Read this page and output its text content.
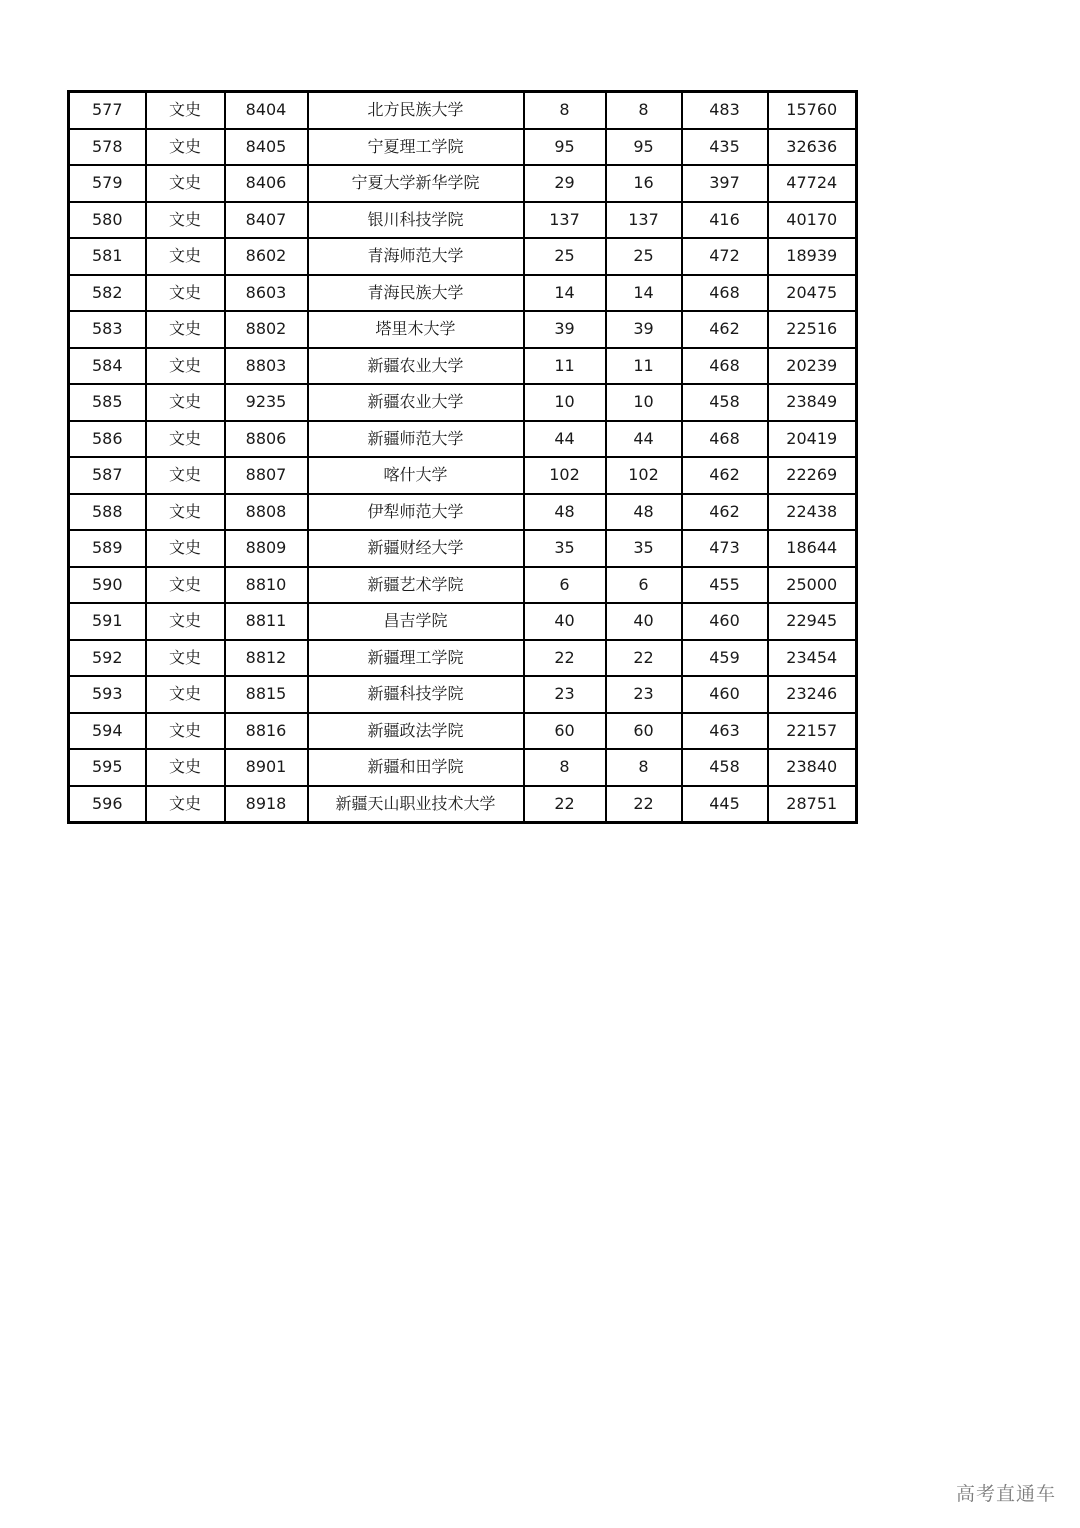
577	文史	8404	北方民族大学	8	8	483	15760
578	文史	8405	宁夏理工学院	95	95	435	32636
579	文史	8406	宁夏大学新华学院	29	16	397	47724
580	文史	8407	银川科技学院	137	137	416	40170
581	文史	8602	青海师范大学	25	25	472	18939
582	文史	8603	青海民族大学	14	14	468	20475
583	文史	8802	塔里木大学	39	39	462	22516
584	文史	8803	新疆农业大学	11	11	468	20239
585	文史	9235	新疆农业大学	10	10	458	23849
586	文史	8806	新疆师范大学	44	44	468	20419
587	文史	8807	喀什大学	102	102	462	22269
588	文史	8808	伊犁师范大学	48	48	462	22438
589	文史	8809	新疆财经大学	35	35	473	18644
590	文史	8810	新疆艺术学院	6	6	455	25000
591	文史	8811	昌吉学院	40	40	460	22945
592	文史	8812	新疆理工学院	22	22	459	23454
593	文史	8815	新疆科技学院	23	23	460	23246
594	文史	8816	新疆政法学院	60	60	463	22157
595	文史	8901	新疆和田学院	8	8	458	23840
596	文史	8918	新疆天山职业技术大学	22	22	445	28751
高考直通车
